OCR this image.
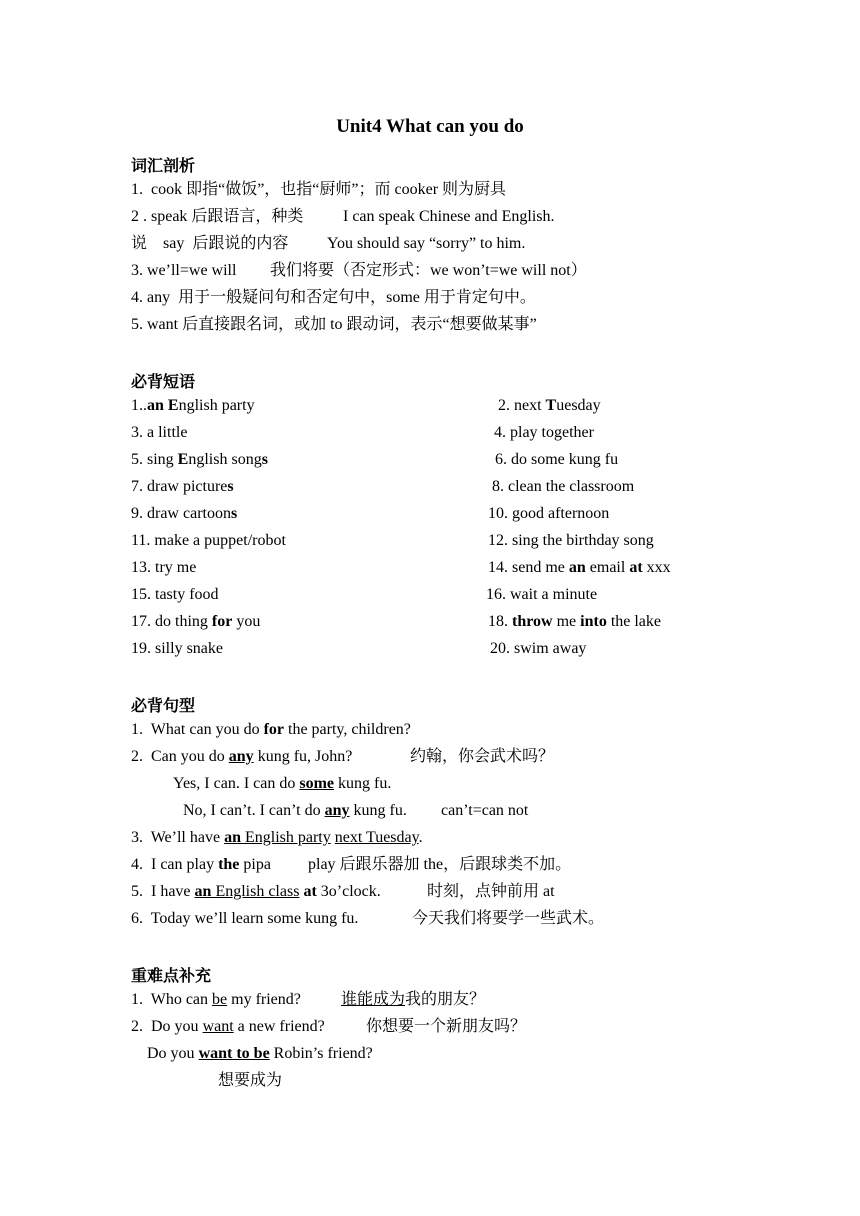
Unit4 What can you do
词汇剖析
1.  cook 即指“做饭”，也指“厨师”；而 cooker 则为厨具
2 . speak 后跟语言，种类 I can speak Chinese and English.
说    say  后跟说的内容 You should say “sorry” to him.
3. we’ll=we will 我们将要（否定形式：we won’t=we will not）
4. any  用于一般疑问句和否定句中，some 用于肯定句中。
5. want 后直接跟名词，或加 to 跟动词，表示“想要做某事”
必背短语
1..an English party	2. next Tuesday
3. a little	4. play together
5. sing English songs	6. do some kung fu
7. draw pictures	8. clean the classroom
9. draw cartoons	10. good afternoon
11. make a puppet/robot	12. sing the birthday song
13. try me	14. send me an email at xxx
15. tasty food	16. wait a minute
17. do thing for you	18. throw me into the lake
19. silly snake	20. swim away
必背句型
1.  What can you do for the party, children?
2.  Can you do any kung fu, John?	约翰，你会武术吗？
Yes, I can. I can do some kung fu.
No, I can’t. I can’t do any kung fu. can’t=can not
3.  We’ll have an English party next Tuesday.
4.  I can play the pipa play 后跟乐器加 the，后跟球类不加。
5.  I have an English class at 3o’clock.	时刻，点钟前用 at
6.  Today we’ll learn some kung fu.	今天我们将要学一些武术。
重难点补充
1.  Who can be my friend?	谁能成为我的朋友？
2.  Do you want a new friend?	你想要一个新朋友吗？
Do you want to be Robin’s friend?
想要成为
